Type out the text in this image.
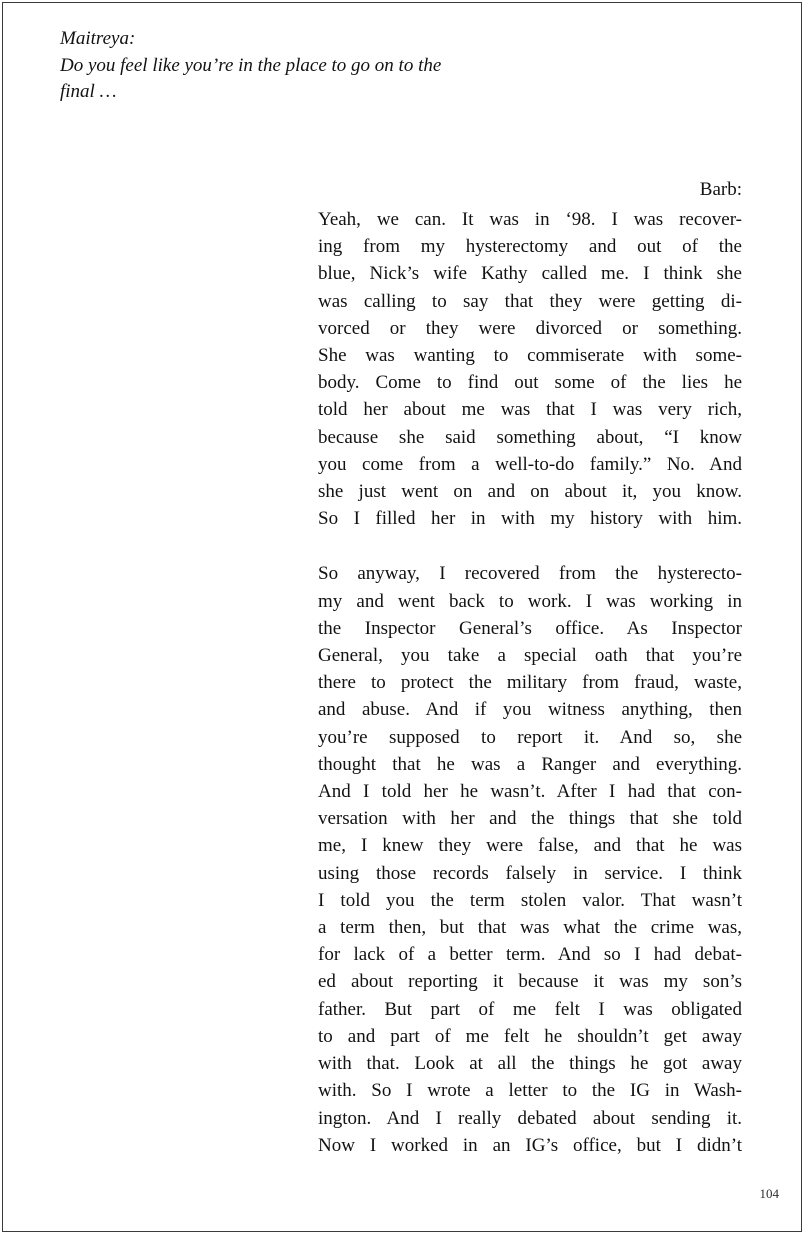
Maitreya:
Do you feel like you’re in the place to go on to the
final …
Barb:
Yeah, we can. It was in ‘98. I was recover-
ing from my hysterectomy and out of the
blue, Nick’s wife Kathy called me. I think she
was calling to say that they were getting di-
vorced or they were divorced or something.
She was wanting to commiserate with some-
body. Come to find out some of the lies he
told her about me was that I was very rich,
because she said something about, “I know
you come from a well-to-do family.” No. And
she just went on and on about it, you know.
So I filled her in with my history with him.
So anyway, I recovered from the hysterecto-
my and went back to work. I was working in
the Inspector General’s office. As Inspector
General, you take a special oath that you’re
there to protect the military from fraud, waste,
and abuse. And if you witness anything, then
you’re supposed to report it. And so, she
thought that he was a Ranger and everything.
And I told her he wasn’t. After I had that con-
versation with her and the things that she told
me, I knew they were false, and that he was
using those records falsely in service. I think
I told you the term stolen valor. That wasn’t
a term then, but that was what the crime was,
for lack of a better term. And so I had debat-
ed about reporting it because it was my son’s
father. But part of me felt I was obligated
to and part of me felt he shouldn’t get away
with that. Look at all the things he got away
with. So I wrote a letter to the IG in Wash-
ington. And I really debated about sending it.
Now I worked in an IG’s office, but I didn’t
104
